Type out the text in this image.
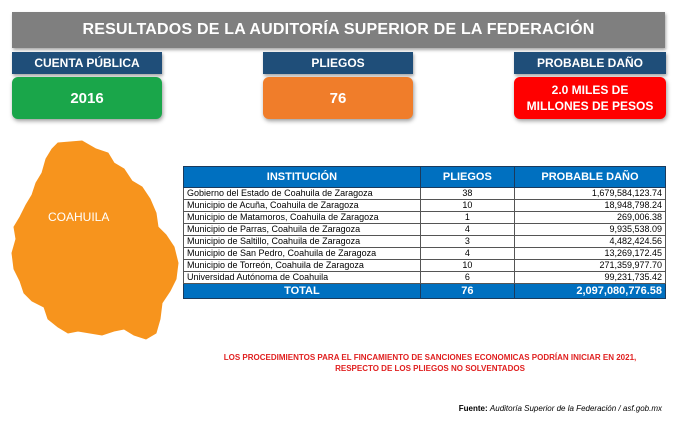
RESULTADOS DE LA AUDITORÍA SUPERIOR DE LA FEDERACIÓN
CUENTA PÚBLICA
2016
PLIEGOS
76
PROBABLE DAÑO
2.0 MILES DE MILLONES DE PESOS
COAHUILA
INSTITUCIÓN	PLIEGOS	PROBABLE DAÑO
Gobierno del Estado de Coahuila de Zaragoza	38	1,679,584,123.74
Municipio de Acuña, Coahuila de Zaragoza	10	18,948,798.24
Municipio de Matamoros, Coahuila de Zaragoza	1	269,006.38
Municipio de Parras, Coahuila de Zaragoza	4	9,935,538.09
Municipio de Saltillo, Coahuila de Zaragoza	3	4,482,424.56
Municipio de San Pedro, Coahuila de Zaragoza	4	13,269,172.45
Municipio de Torreón, Coahuila de Zaragoza	10	271,359,977.70
Universidad Autónoma de Coahuila	6	99,231,735.42
TOTAL	76	2,097,080,776.58
LOS PROCEDIMIENTOS PARA EL FINCAMIENTO DE SANCIONES ECONOMICAS PODRÍAN INICIAR EN 2021,
RESPECTO DE LOS PLIEGOS NO SOLVENTADOS
Fuente: Auditoría Superior de la Federación / asf.gob.mx
